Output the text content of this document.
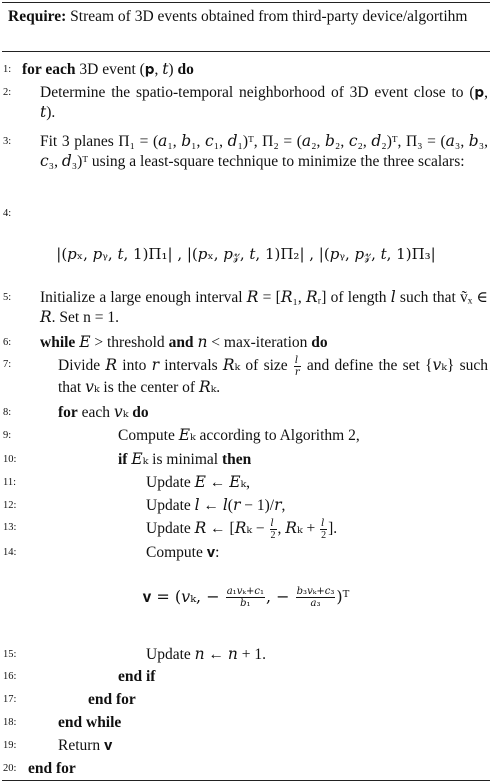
Require: Stream of 3D events obtained from third-party device/algortihm
1: for each 3D event (𝐩, 𝑡) do
2: Determine the spatio-temporal neighborhood of 3D event close to (𝐩, 𝑡).
3: Fit 3 planes Π₁ = (𝑎₁, 𝑏₁, 𝑐₁, 𝑑₁)ᵀ, Π₂ = (𝑎₂, 𝑏₂, 𝑐₂, 𝑑₂)ᵀ, Π₃ = (𝑎₃, 𝑏₃, 𝑐₃, 𝑑₃)ᵀ using a least-square technique to minimize the three scalars:
4:
|(𝑝ₓ, 𝑝ᵧ, 𝑡, 1)Π₁| , |(𝑝ₓ, 𝑝𝓏, 𝑡, 1)Π₂| , |(𝑝ᵧ, 𝑝𝓏, 𝑡, 1)Π₃|
5: Initialize a large enough interval 𝑅 = [𝑅₁, 𝑅ᵣ] of length 𝑙 such that ṽₓ ∈ 𝑅. Set n = 1.
6: while 𝐸 > threshold and 𝑛 < max-iteration do
7:	Divide 𝑅 into 𝑟 intervals 𝑅ₖ of size $\frac{\text{𝑙}}{\text{𝑟}}$ and define the set {𝑣ₖ} such that 𝑣ₖ is the center of 𝑅ₖ.
8:	for each 𝑣ₖ do
9:	Compute 𝐸ₖ according to Algorithm 2,
10:	if 𝐸ₖ is minimal then
11:	Update 𝐸 ← 𝐸ₖ,
12:	Update 𝑙 ← 𝑙(𝑟 − 1)/𝑟,
13:	Update 𝑅 ← [𝑅ₖ − $\frac{\text{𝑙}}{2}$ , 𝑅ₖ + $\frac{\text{𝑙}}{2}$ ].
14:	Compute 𝐯:
𝐯 = (𝑣ₖ, − $\frac{\text{𝑎₁𝑣ₖ+𝑐₁}}{\text{𝑏₁}}$ , − $\frac{\text{𝑏₃𝑣ₖ+𝑐₃}}{\text{𝑎₃}}$ )ᵀ
15:	Update 𝑛 ← 𝑛 + 1.
16:	end if
17:	end for
18:	end while
19:	Return 𝐯
20: end for
